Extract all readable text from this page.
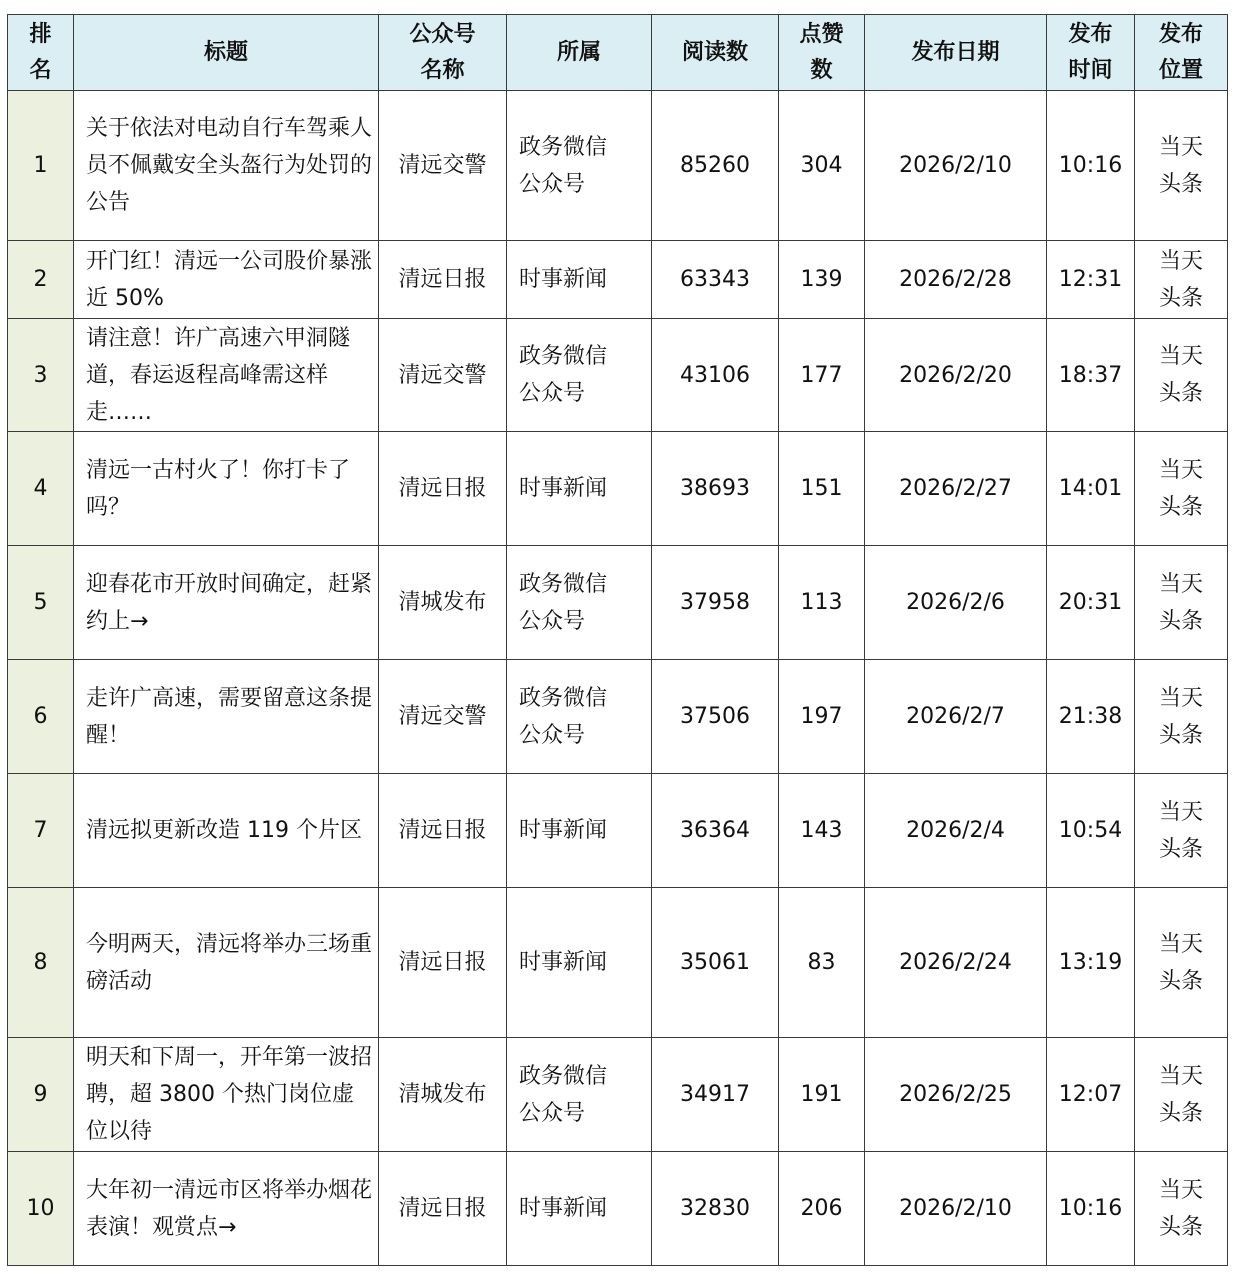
排名	标题	公众号名称	所属	阅读数	点赞数	发布日期	发布时间	发布位置

1	关于依法对电动自行车驾乘人员不佩戴安全头盔行为处罚的公告	清远交警	政务微信公众号	85260	304	2026/2/10	10:16	当天头条

2	开门红！清远一公司股价暴涨近 50%	清远日报	时事新闻	63343	139	2026/2/28	12:31	当天头条

3	请注意！许广高速六甲洞隧道，春运返程高峰需这样走……	清远交警	政务微信公众号	43106	177	2026/2/20	18:37	当天头条

4	清远一古村火了！你打卡了吗？	清远日报	时事新闻	38693	151	2026/2/27	14:01	当天头条

5	迎春花市开放时间确定，赶紧约上→	清城发布	政务微信公众号	37958	113	2026/2/6	20:31	当天头条

6	走许广高速，需要留意这条提醒！	清远交警	政务微信公众号	37506	197	2026/2/7	21:38	当天头条

7	清远拟更新改造 119 个片区	清远日报	时事新闻	36364	143	2026/2/4	10:54	当天头条

8	今明两天，清远将举办三场重磅活动	清远日报	时事新闻	35061	83	2026/2/24	13:19	当天头条

9	明天和下周一，开年第一波招聘，超 3800 个热门岗位虚位以待	清城发布	政务微信公众号	34917	191	2026/2/25	12:07	当天头条

10	大年初一清远市区将举办烟花表演！观赏点→	清远日报	时事新闻	32830	206	2026/2/10	10:16	当天头条
